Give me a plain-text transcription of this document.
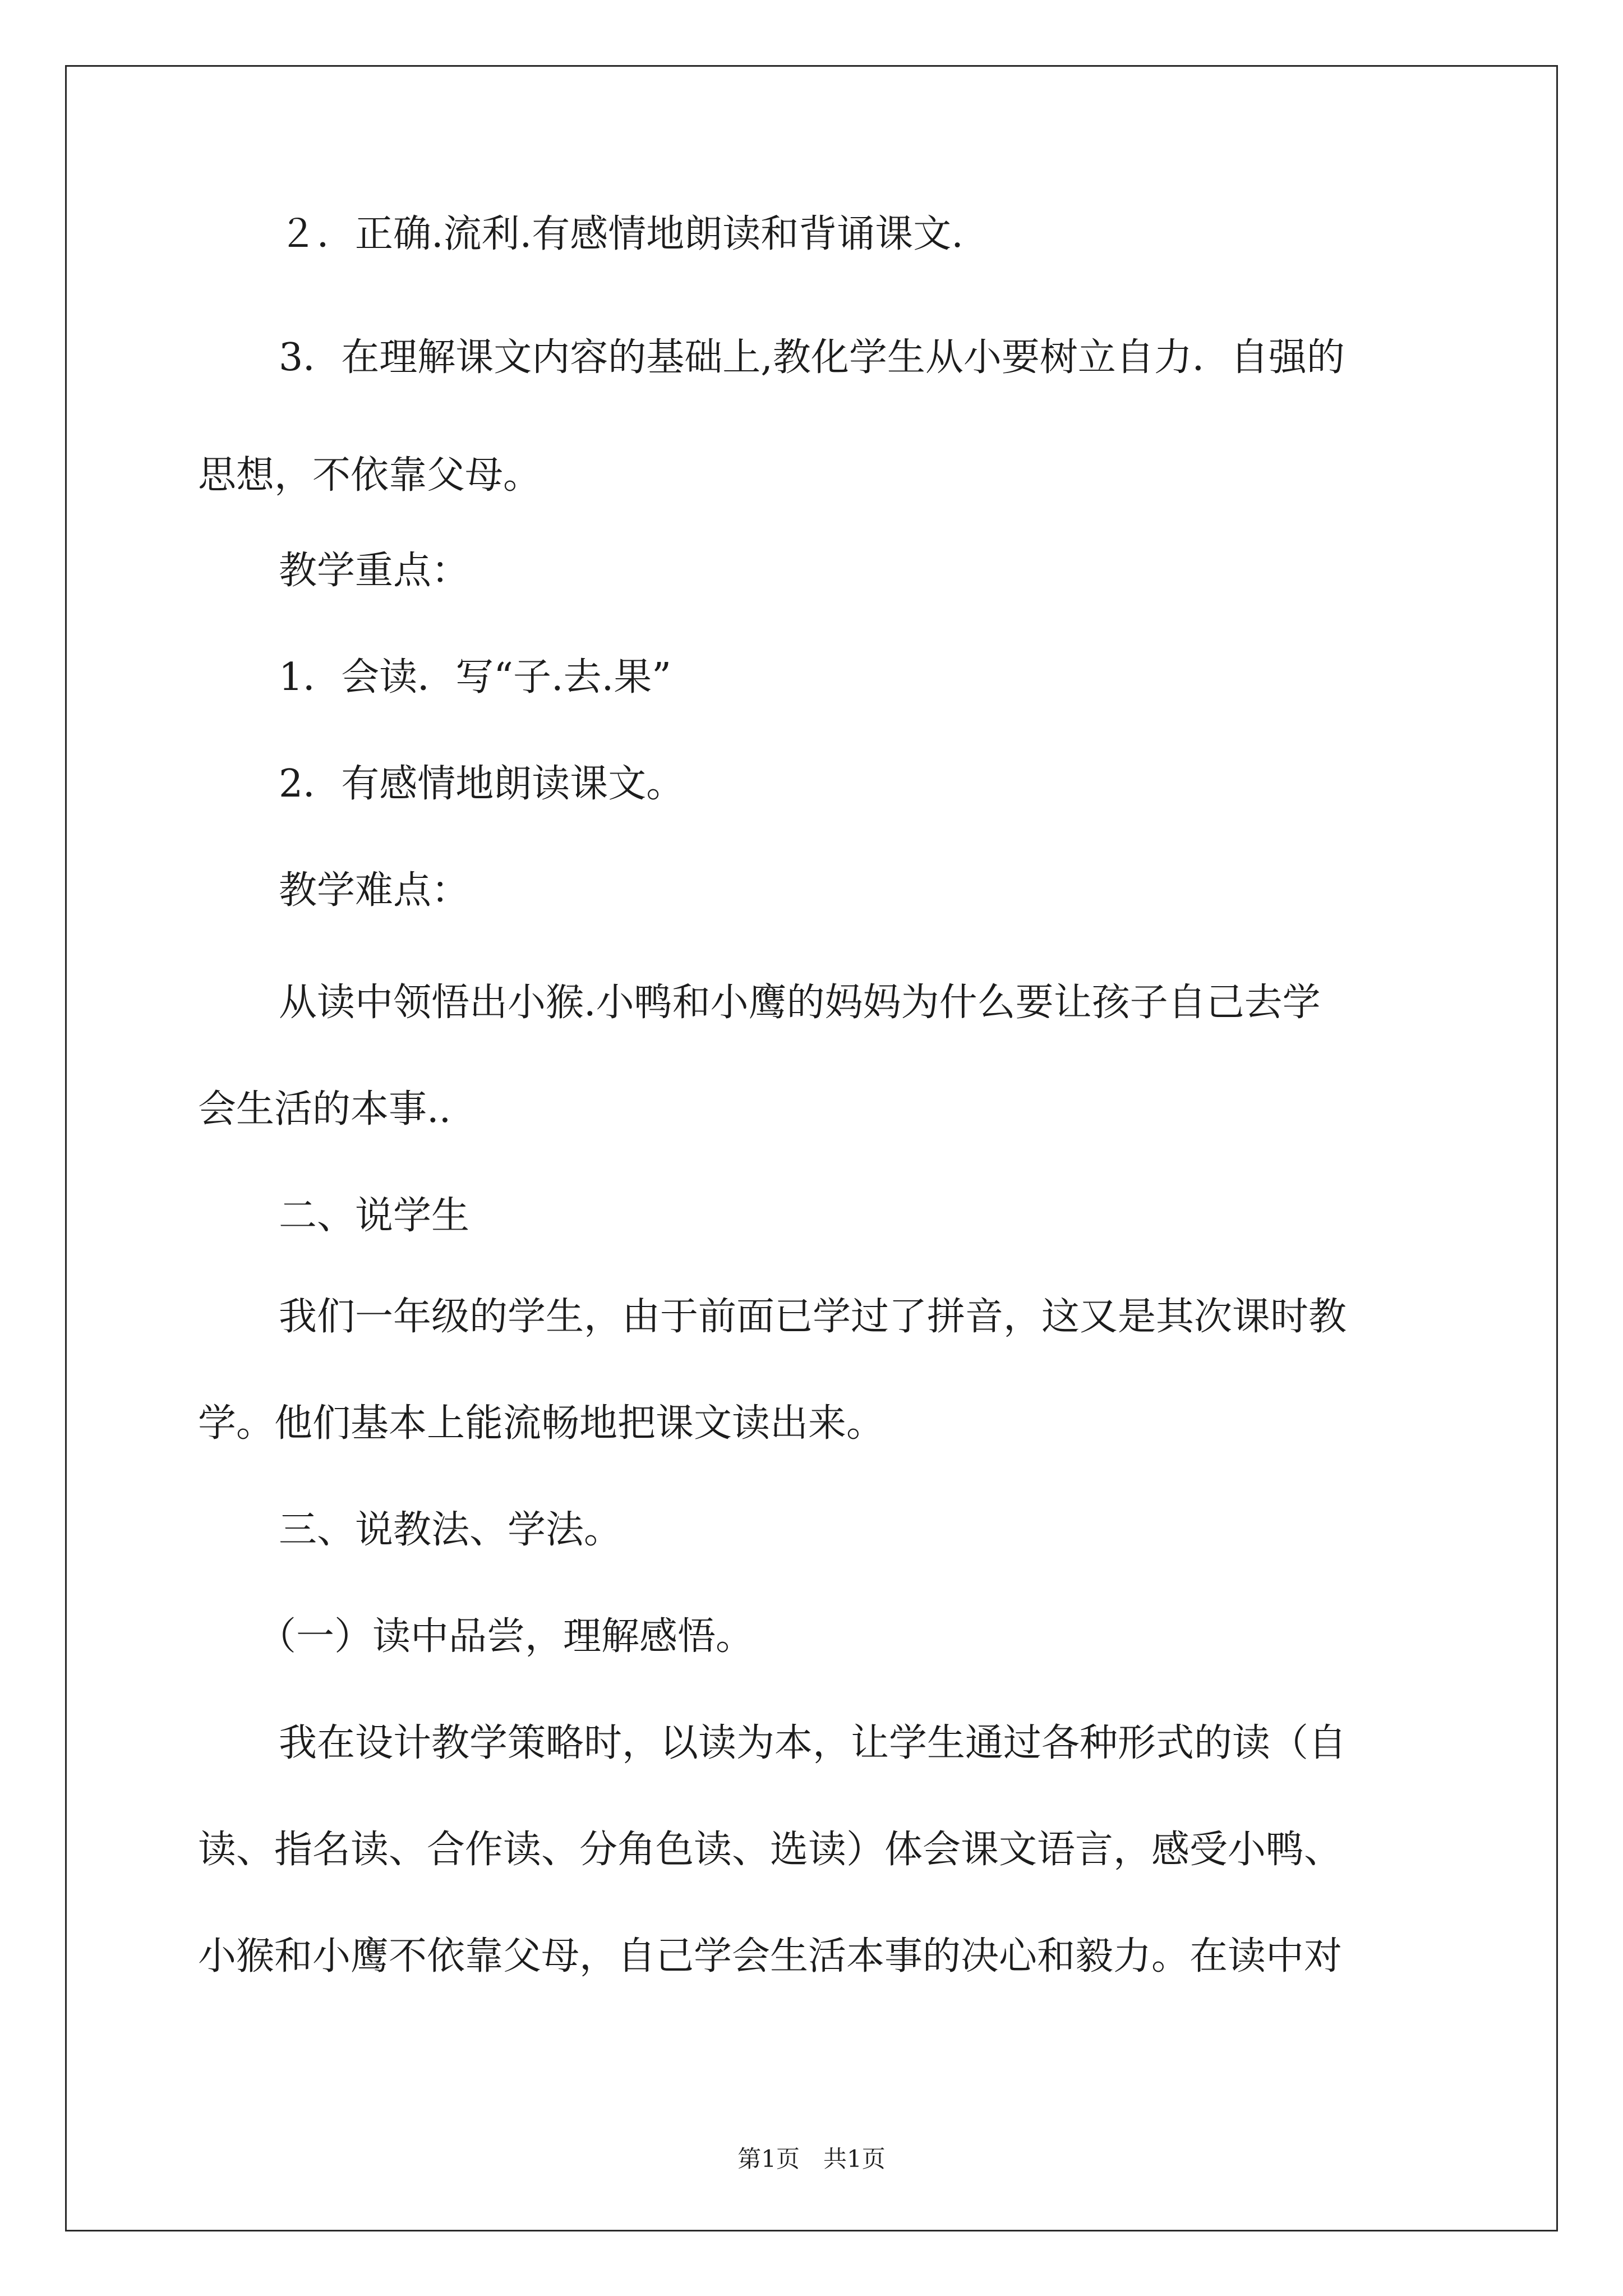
２．正确.流利.有感情地朗读和背诵课文.

3．在理解课文内容的基础上,教化学生从小要树立自力．自强的

思想，不依靠父母。

教学重点：

1．会读．写“子.去.果”

2．有感情地朗读课文。

教学难点：

从读中领悟出小猴.小鸭和小鹰的妈妈为什么要让孩子自己去学

会生活的本事..

二、说学生

我们一年级的学生，由于前面已学过了拼音，这又是其次课时教

学。他们基本上能流畅地把课文读出来。

三、说教法、学法。

（一）读中品尝，理解感悟。

我在设计教学策略时，以读为本，让学生通过各种形式的读（自

读、指名读、合作读、分角色读、选读）体会课文语言，感受小鸭、

小猴和小鹰不依靠父母，自己学会生活本事的决心和毅力。在读中对

第1页　共1页
